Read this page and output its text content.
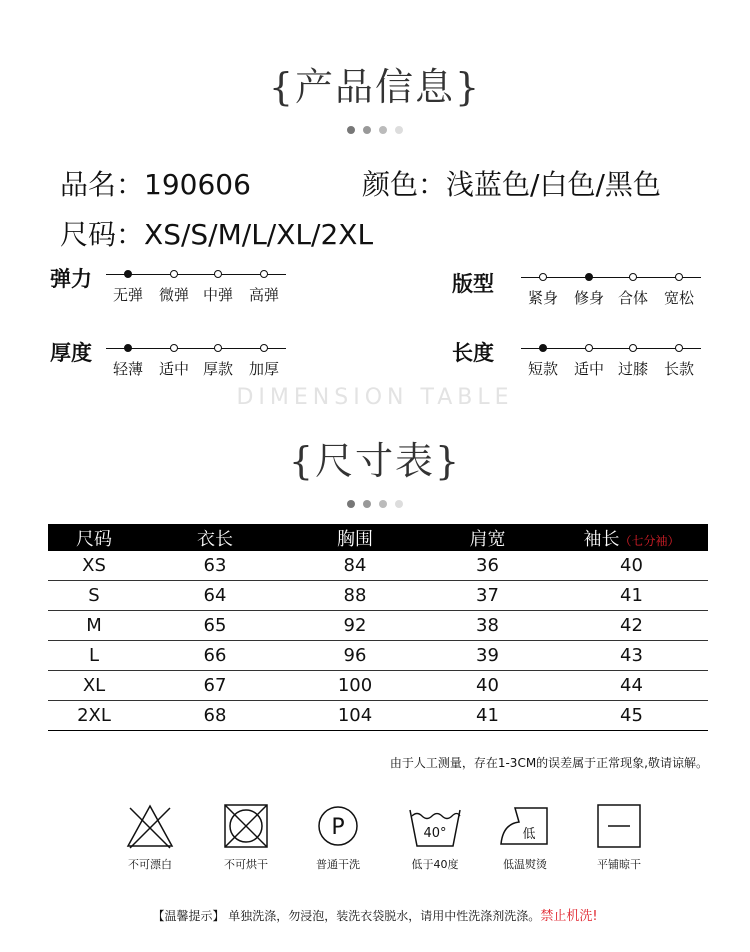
{产品信息}
品名：190606	颜色：浅蓝色/白色/黑色
尺码：XS/S/M/L/XL/2XL
弹力
无弹 微弹 中弹 高弹	版型
紧身 修身 合体 宽松
厚度
轻薄 适中 厚款 加厚
长度
短款 适中 过膝 长款
DIMENSION TABLE
{尺寸表}
尺码	衣长	胸围	肩宽	袖长（七分袖）
XS	63	84	36	40
S	64	88	37	41
M	65	92	38	42
L	66	96	39	43
XL	67	100	40	44
2XL	68	104	41	45
由于人工测量，存在1-3CM的误差属于正常现象,敬请谅解。
不可漂白	不可烘干
P
普通干洗
40°
低于40度
低
低温熨烫	平铺晾干
【温馨提示】 单独洗涤，勿浸泡，装洗衣袋脱水，请用中性洗涤剂洗涤。禁止机洗!
